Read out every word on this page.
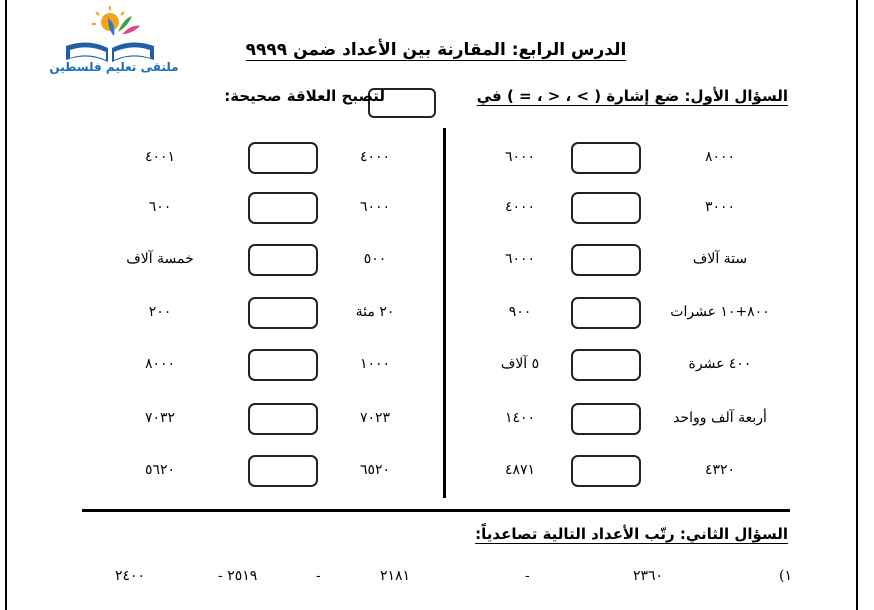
ملتقى تعليم فلسطين
الدرس الرابع: المقارنة بين الأعداد ضمن ٩٩٩٩
السؤال الأول: ضع إشارة ( > ، < ، = ) في
لتصبح العلاقة صحيحة:
٨٠٠٠
٦٠٠٠
٣٠٠٠
٤٠٠٠
ستة آلاف
٦٠٠٠
٨٠٠+١٠ عشرات
٩٠٠
٤٠٠ عشرة
٥ آلاف
أربعة آلف وواحد
١٤٠٠
٤٣٢٠
٤٨٧١
٤٠٠٠
٤٠٠١
٦٠٠٠
٦٠٠
٥٠٠
خمسة آلاف
٢٠ مئة
٢٠٠
١٠٠٠
٨٠٠٠
٧٠٢٣
٧٠٣٢
٦٥٢٠
٥٦٢٠
السؤال الثاني: رتّب الأعداد التالية تصاعدياً:
١)
٢٣٦٠
-
٢١٨١
-
٢٥١٩ -
٢٤٠٠
